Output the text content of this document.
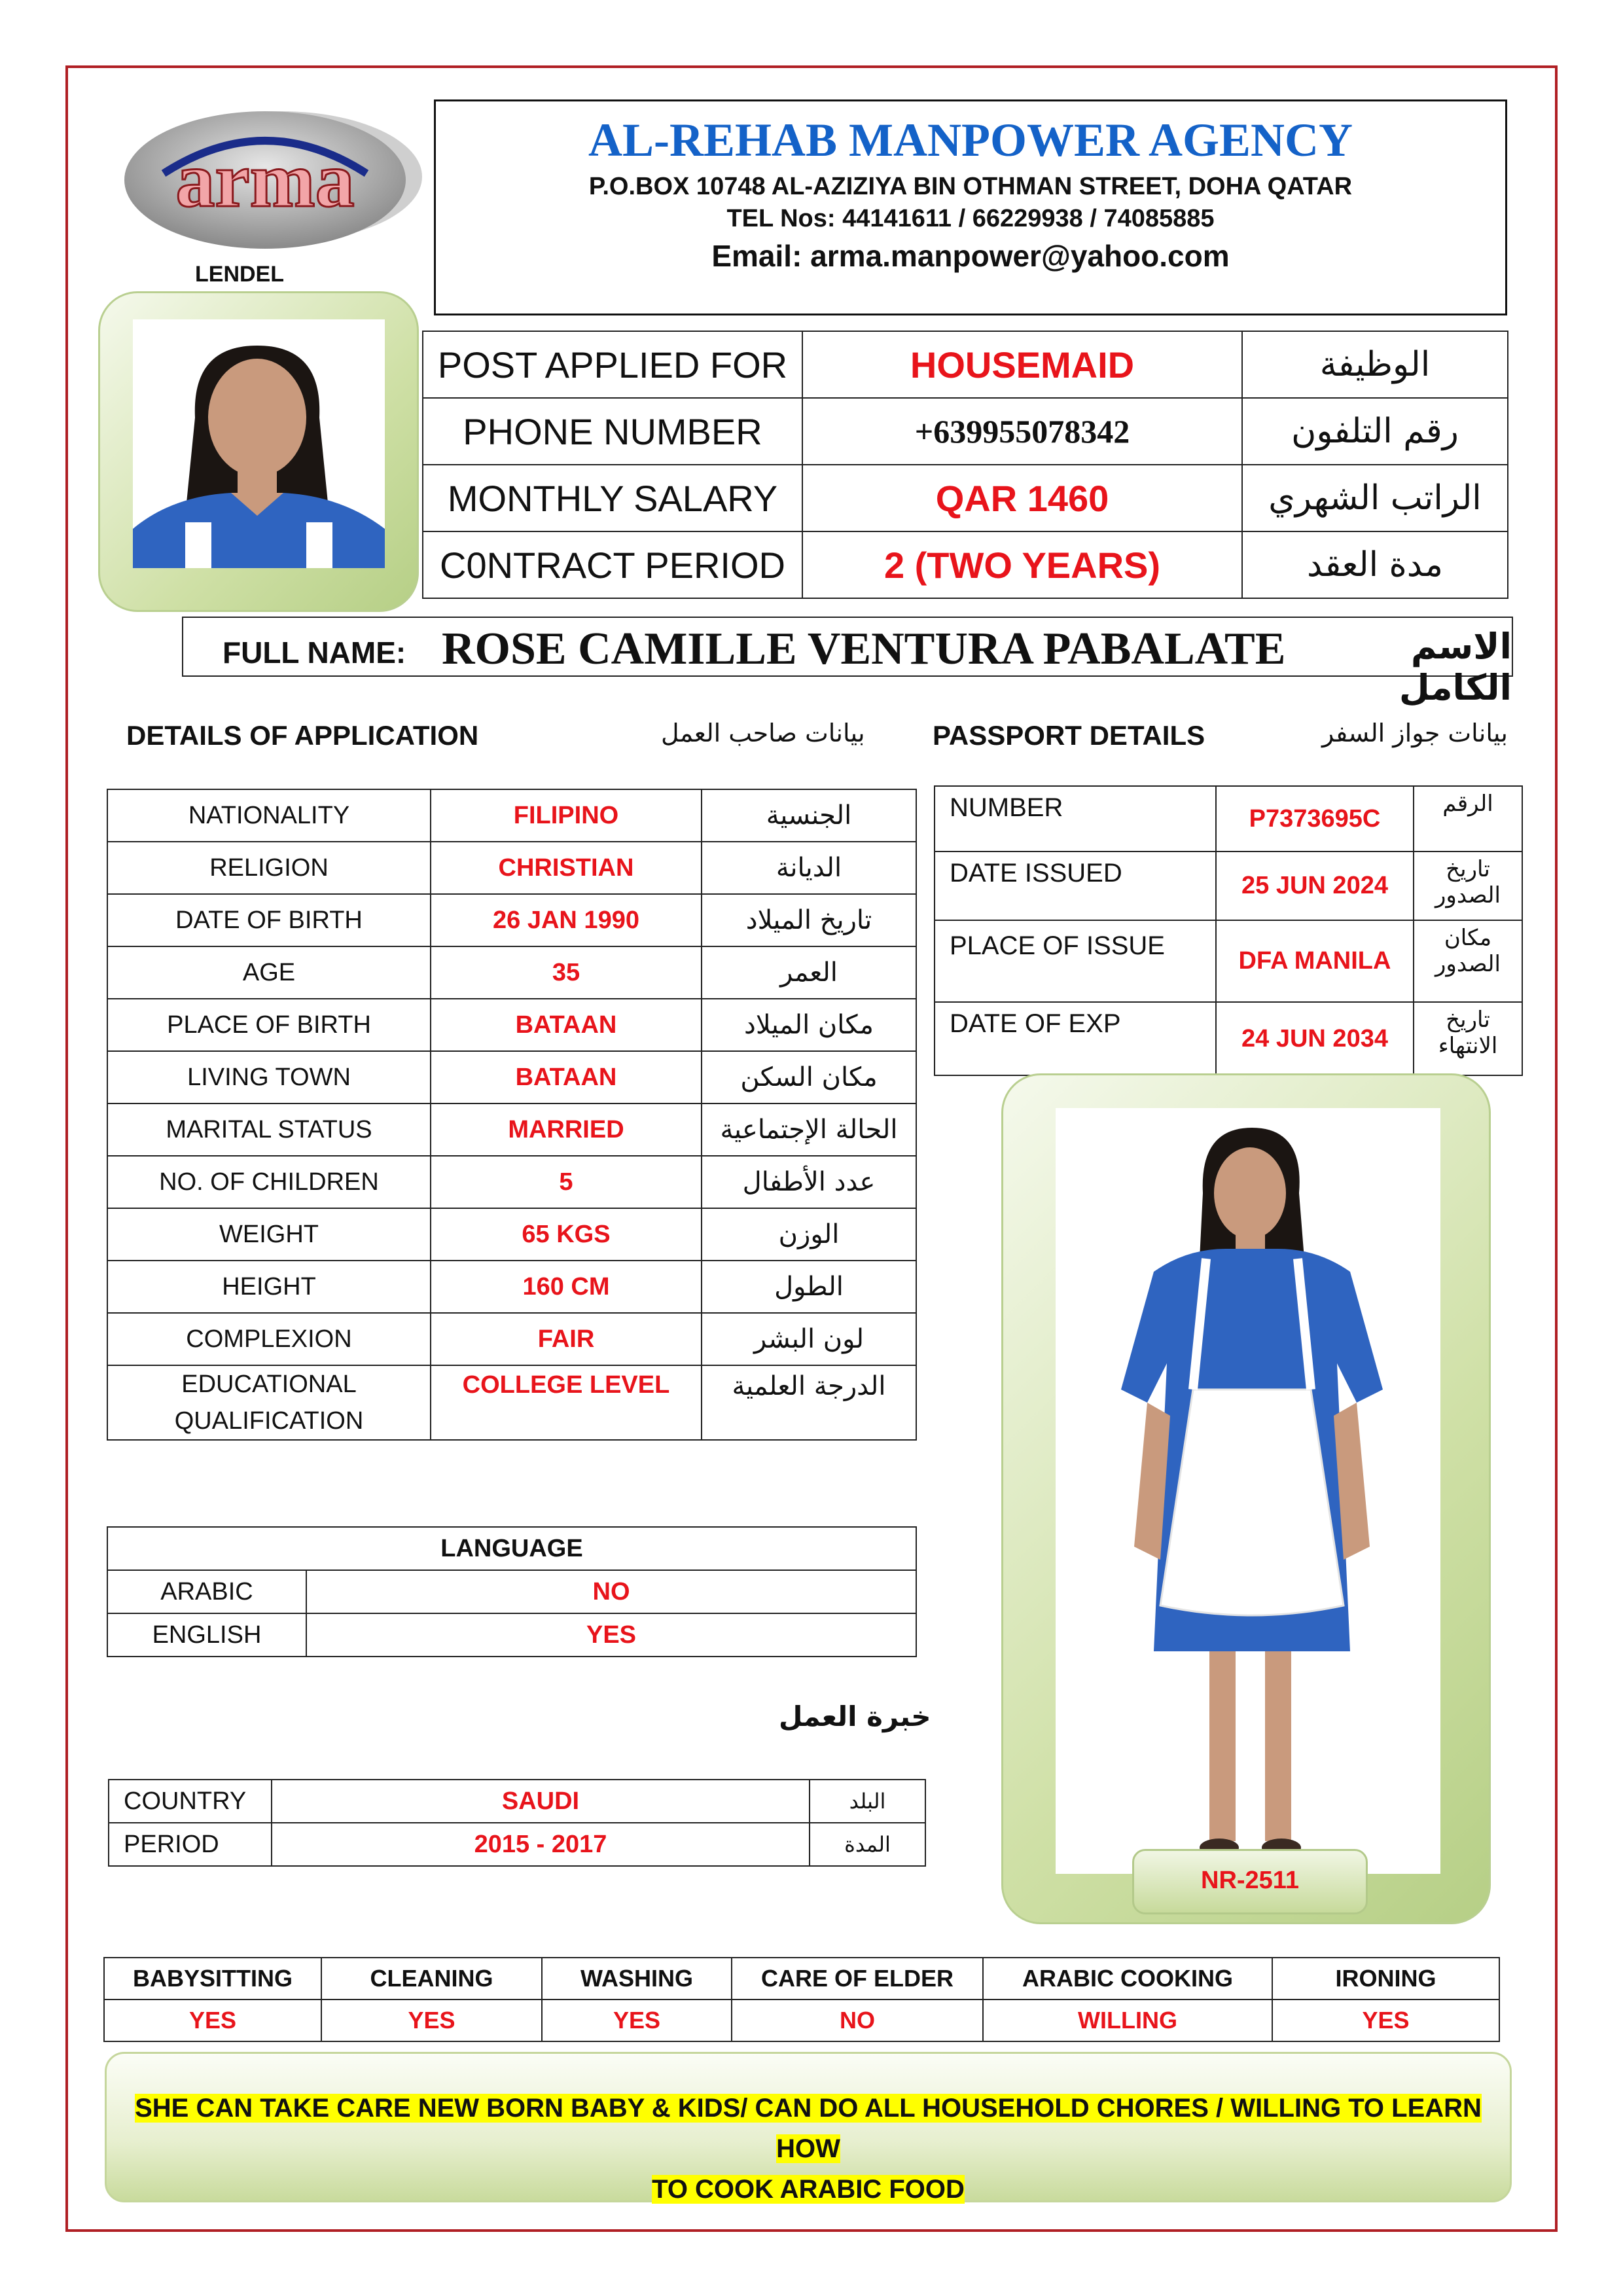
arma
LENDEL
AL-REHAB MANPOWER AGENCY
P.O.BOX 10748 AL-AZIZIYA BIN OTHMAN STREET, DOHA QATAR
TEL Nos: 44141611 / 66229938 / 74085885
Email: arma.manpower@yahoo.com
POST APPLIED FOR	HOUSEMAID	الوظيفة
PHONE NUMBER	+639955078342	رقم التلفون
MONTHLY SALARY	QAR 1460	الراتب الشهري
C0NTRACT PERIOD	2 (TWO YEARS)	مدة العقد
FULL NAME: ROSE CAMILLE VENTURA PABALATE	الاسم الكامل
DETAILS OF APPLICATION	بيانات صاحب العمل PASSPORT DETAILS	بيانات جواز السفر
NATIONALITY	FILIPINO	الجنسية
RELIGION	CHRISTIAN	الديانة
DATE OF BIRTH	26 JAN 1990	تاريخ الميلاد
AGE	35	العمر
PLACE OF BIRTH	BATAAN	مكان الميلاد
LIVING TOWN	BATAAN	مكان السكن
MARITAL STATUS	MARRIED	الحالة الإجتماعية
NO. OF CHILDREN	5	عدد الأطفال
WEIGHT	65 KGS	الوزن
HEIGHT	160 CM	الطول
COMPLEXION	FAIR	لون البشر
EDUCATIONAL QUALIFICATION	COLLEGE LEVEL	الدرجة العلمية
NUMBER	P7373695C	الرقم
DATE ISSUED	25 JUN 2024	تاريخ الصدور
PLACE OF ISSUE	DFA MANILA	مكان الصدور
DATE OF EXP	24 JUN 2034	تاريخ الانتهاء
NR-2511
LANGUAGE	
ARABIC	NO
ENGLISH	YES
خبرة العمل
COUNTRY	SAUDI	البلد
PERIOD	2015 - 2017	المدة
BABYSITTING	CLEANING	WASHING	CARE OF ELDER	ARABIC COOKING	IRONING
YES	YES	YES	NO	WILLING	YES
SHE CAN TAKE CARE NEW BORN BABY & KIDS/ CAN DO ALL HOUSEHOLD CHORES / WILLING TO LEARN HOW
TO COOK ARABIC FOOD
